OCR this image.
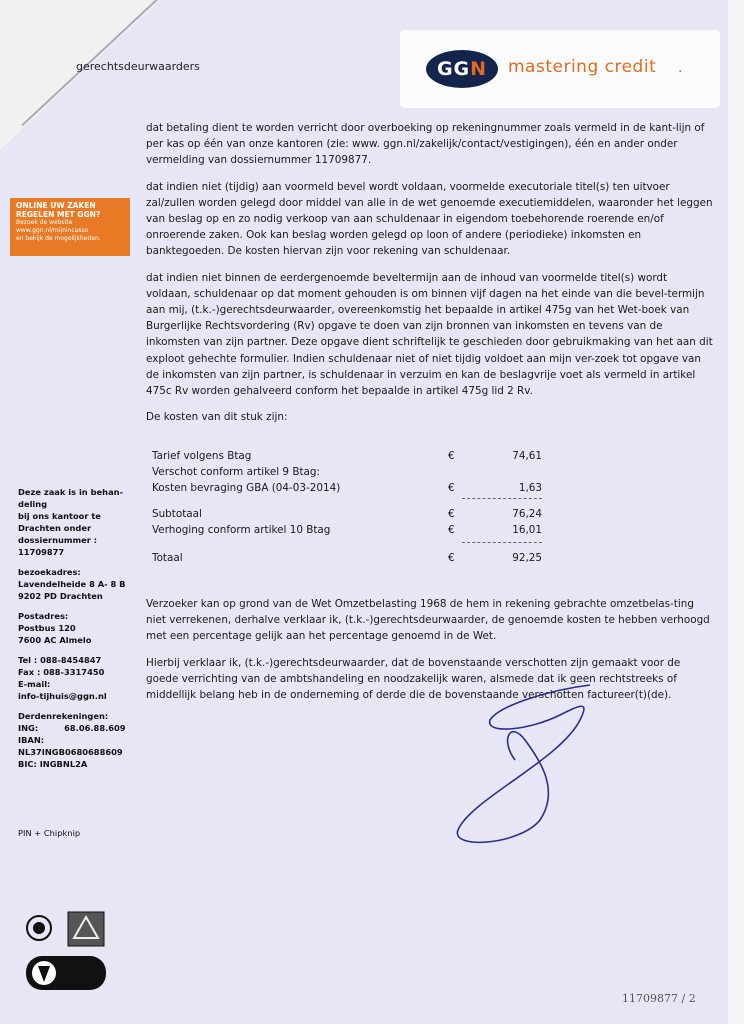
gerechtsdeurwaarders	GGN	mastering credit .
ONLINE UW ZAKEN
REGELEN MET GGN?
Bezoek de website
www.ggn.nl/mijnincasso
en bekijk de mogelijkheden.

dat betaling dient te worden verricht door overboeking op rekeningnummer zoals vermeld in de kant-lijn of per kas op één van onze kantoren (zie: www. ggn.nl/zakelijk/contact/vestigingen), één en ander onder vermelding van dossiernummer 11709877.

dat indien niet (tijdig) aan voormeld bevel wordt voldaan, voormelde executoriale titel(s) ten uitvoer zal/zullen worden gelegd door middel van alle in de wet genoemde executiemiddelen, waaronder het leggen van beslag op en zo nodig verkoop van aan schuldenaar in eigendom toebehorende roerende en/of onroerende zaken. Ook kan beslag worden gelegd op loon of andere (periodieke) inkomsten en banktegoeden. De kosten hiervan zijn voor rekening van schuldenaar.

dat indien niet binnen de eerdergenoemde beveltermijn aan de inhoud van voormelde titel(s) wordt voldaan, schuldenaar op dat moment gehouden is om binnen vijf dagen na het einde van die bevel-termijn aan mij, (t.k.-)gerechtsdeurwaarder, overeenkomstig het bepaalde in artikel 475g van het Wet-boek van Burgerlijke Rechtsvordering (Rv) opgave te doen van zijn bronnen van inkomsten en tevens van de inkomsten van zijn partner. Deze opgave dient schriftelijk te geschieden door gebruikmaking van het aan dit exploot gehechte formulier. Indien schuldenaar niet of niet tijdig voldoet aan mijn ver-zoek tot opgave van de inkomsten van zijn partner, is schuldenaar in verzuim en kan de beslagvrije voet als vermeld in artikel 475c Rv worden gehalveerd conform het bepaalde in artikel 475g lid 2 Rv.

De kosten van dit stuk zijn:

Tarief volgens Btag	€	74,61
Verschot conform artikel 9 Btag:
Kosten bevraging GBA (04-03-2014)	€	1,63
Subtotaal	€	76,24
Verhoging conform artikel 10 Btag	€	16,01
Totaal	€	92,25

Verzoeker kan op grond van de Wet Omzetbelasting 1968 de hem in rekening gebrachte omzetbelas-ting niet verrekenen, derhalve verklaar ik, (t.k.-)gerechtsdeurwaarder, de genoemde kosten te hebben verhoogd met een percentage gelijk aan het percentage genoemd in de Wet.

Hierbij verklaar ik, (t.k.-)gerechtsdeurwaarder, dat de bovenstaande verschotten zijn gemaakt voor de goede verrichting van de ambtshandeling en noodzakelijk waren, alsmede dat ik geen rechtstreeks of middellijk belang heb in de onderneming of derde die de bovenstaande verschotten factureer(t)(de).

Deze zaak is in behan-
deling
bij ons kantoor te
Drachten onder
dossiernummer :
11709877

bezoekadres:
Lavendelheide 8 A- 8 B
9202 PD Drachten

Postadres:
Postbus 120
7600 AC Almelo

Tel : 088-8454847
Fax : 088-3317450
E-mail:
info-tijhuis@ggn.nl

Derdenrekeningen:
ING:         68.06.88.609
IBAN:
NL37INGB0680688609
BIC: INGBNL2A

PIN + Chipknip
11709877 / 2
